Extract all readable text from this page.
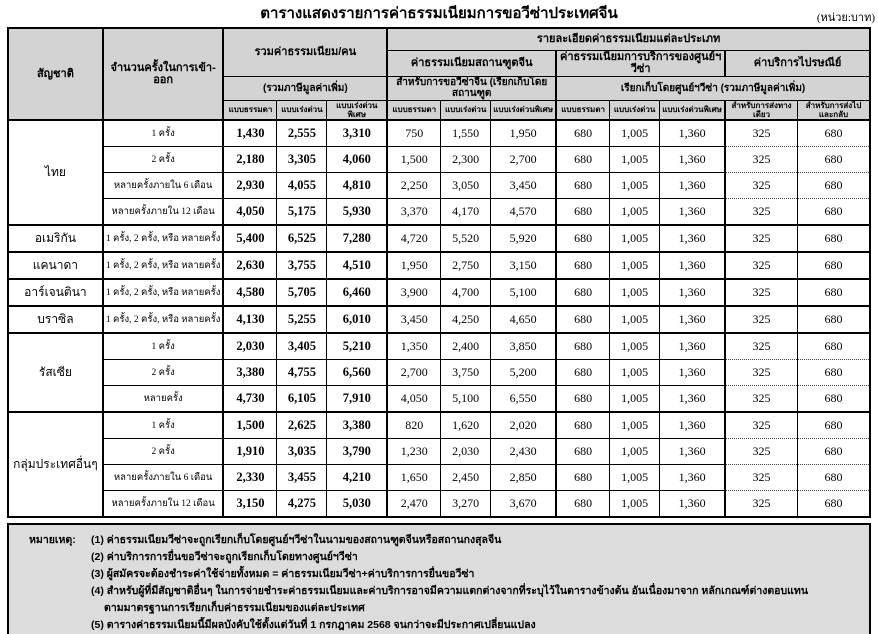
ตารางแสดงรายการค่าธรรมเนียมการขอวีซ่าประเทศจีน	(หน่วย:บาท)
สัญชาติ	จำนวนครั้งในการเข้า-ออก	รวมค่าธรรมเนียม/คน			รายละเอียดค่าธรรมเนียมแต่ละประเภท							
					ค่าธรรมเนียมสถานฑูตจีน			ค่าธรรมเนียมการบริการของศูนย์ฯวีซ่า			ค่าบริการไปรษณีย์	
		(รวมภาษีมูลค่าเพิ่ม)			สำหรับการขอวีซ่าจีน (เรียกเก็บโดยสถานฑูต			เรียกเก็บโดยศูนย์ฯวีซ่า (รวมภาษีมูลค่าเพิ่ม)				
		แบบธรรมดา	แบบเร่งด่วน	แบบเร่งด่วนพิเศษ	แบบธรรมดา	แบบเร่งด่วน	แบบเร่งด่วนพิเศษ	แบบธรรมดา	แบบเร่งด่วน	แบบเร่งด่วนพิเศษ	สำหรับการส่งทางเดียว	สำหรับการส่งไปและกลับ
ไทย	1 ครั้ง	1,430	2,555	3,310	750	1,550	1,950	680	1,005	1,360	325	680
	2 ครั้ง	2,180	3,305	4,060	1,500	2,300	2,700	680	1,005	1,360	325	680
	หลายครั้งภายใน 6 เดือน	2,930	4,055	4,810	2,250	3,050	3,450	680	1,005	1,360	325	680
	หลายครั้งภายใน 12 เดือน	4,050	5,175	5,930	3,370	4,170	4,570	680	1,005	1,360	325	680
อเมริกัน	1 ครั้ง, 2 ครั้ง, หรือ หลายครั้ง	5,400	6,525	7,280	4,720	5,520	5,920	680	1,005	1,360	325	680
แคนาดา	1 ครั้ง, 2 ครั้ง, หรือ หลายครั้ง	2,630	3,755	4,510	1,950	2,750	3,150	680	1,005	1,360	325	680
อาร์เจนตินา	1 ครั้ง, 2 ครั้ง, หรือ หลายครั้ง	4,580	5,705	6,460	3,900	4,700	5,100	680	1,005	1,360	325	680
บราซิล	1 ครั้ง, 2 ครั้ง, หรือ หลายครั้ง	4,130	5,255	6,010	3,450	4,250	4,650	680	1,005	1,360	325	680
รัสเซีย	1 ครั้ง	2,030	3,405	5,210	1,350	2,400	3,850	680	1,005	1,360	325	680
	2 ครั้ง	3,380	4,755	6,560	2,700	3,750	5,200	680	1,005	1,360	325	680
	หลายครั้ง	4,730	6,105	7,910	4,050	5,100	6,550	680	1,005	1,360	325	680
กลุ่มประเทศอื่นๆ	1 ครั้ง	1,500	2,625	3,380	820	1,620	2,020	680	1,005	1,360	325	680
	2 ครั้ง	1,910	3,035	3,790	1,230	2,030	2,430	680	1,005	1,360	325	680
	หลายครั้งภายใน 6 เดือน	2,330	3,455	4,210	1,650	2,450	2,850	680	1,005	1,360	325	680
	หลายครั้งภายใน 12 เดือน	3,150	4,275	5,030	2,470	3,270	3,670	680	1,005	1,360	325	680
หมายเหตุ:	(1) ค่าธรรมเนียมวีซ่าจะถูกเรียกเก็บโดยศูนย์ฯวีซ่าในนามของสถานฑูตจีนหรือสถานกงสุลจีน
(2) ค่าบริการการยื่นขอวีซ่าจะถูกเรียกเก็บโดยทางศูนย์ฯวีซ่า
(3) ผู้สมัครจะต้องชำระค่าใช้จ่ายทั้งหมด = ค่าธรรมเนียมวีซ่า+ค่าบริการการยื่นขอวีซ่า
(4) สำหรับผู้ที่มีสัญชาติอื่นๆ ในการจ่ายชำระค่าธรรมเนียมและค่าบริการอาจมีความแตกต่างจากที่ระบุไว้ในตารางข้างต้น อันเนื่องมาจาก หลักเกณฑ์ต่างตอบแทน
ตามมาตรฐานการเรียกเก็บค่าธรรมเนียมของแต่ละประเทศ
(5) ตารางค่าธรรมเนียมนี้มีผลบังคับใช้ตั้งแต่วันที่ 1 กรกฎาคม 2568 จนกว่าจะมีประกาศเปลี่ยนแปลง
